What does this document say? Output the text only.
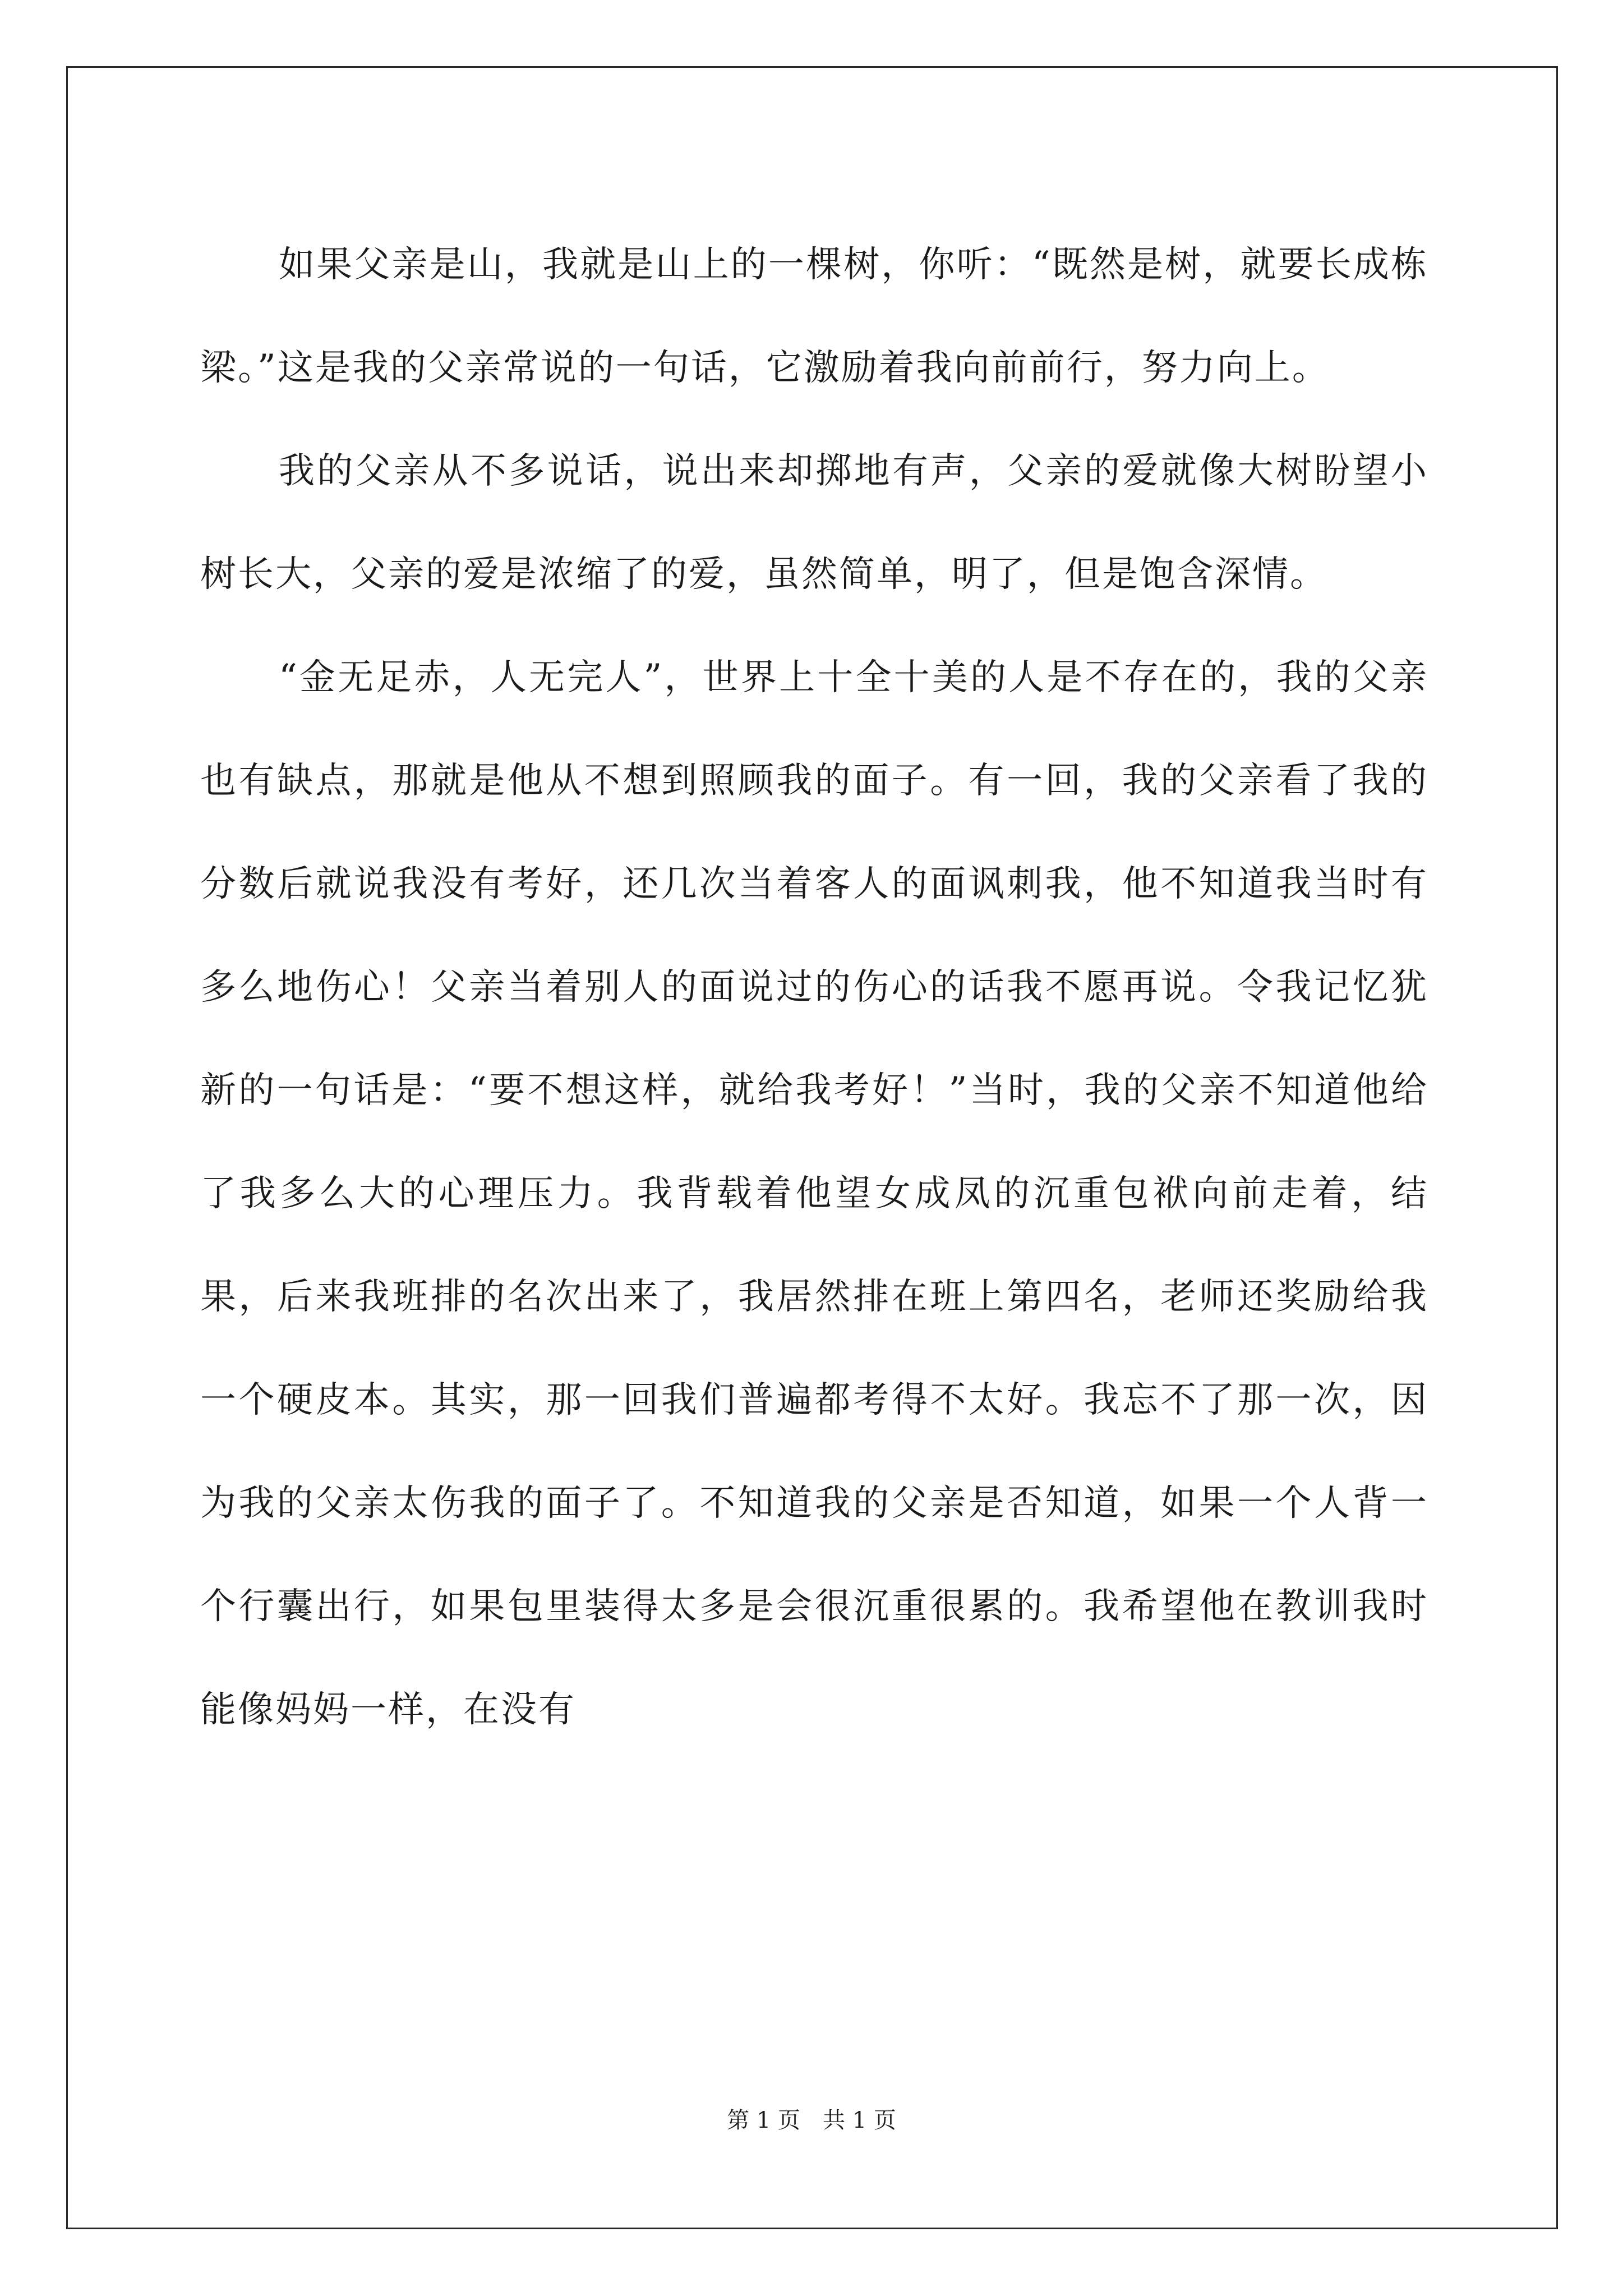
如果父亲是山，我就是山上的一棵树，你听：“既然是树，就要长成栋梁。”这是我的父亲常说的一句话，它激励着我向前前行，努力向上。

我的父亲从不多说话，说出来却掷地有声，父亲的爱就像大树盼望小树长大，父亲的爱是浓缩了的爱，虽然简单，明了，但是饱含深情。

“金无足赤，人无完人”，世界上十全十美的人是不存在的，我的父亲也有缺点，那就是他从不想到照顾我的面子。有一回，我的父亲看了我的分数后就说我没有考好，还几次当着客人的面讽刺我，他不知道我当时有多么地伤心！父亲当着别人的面说过的伤心的话我不愿再说。令我记忆犹新的一句话是：“要不想这样，就给我考好！”当时，我的父亲不知道他给了我多么大的心理压力。我背载着他望女成凤的沉重包袱向前走着，结果，后来我班排的名次出来了，我居然排在班上第四名，老师还奖励给我一个硬皮本。其实，那一回我们普遍都考得不太好。我忘不了那一次，因为我的父亲太伤我的面子了。不知道我的父亲是否知道，如果一个人背一个行囊出行，如果包里装得太多是会很沉重很累的。我希望他在教训我时能像妈妈一样，在没有

第 1 页　共 1 页
